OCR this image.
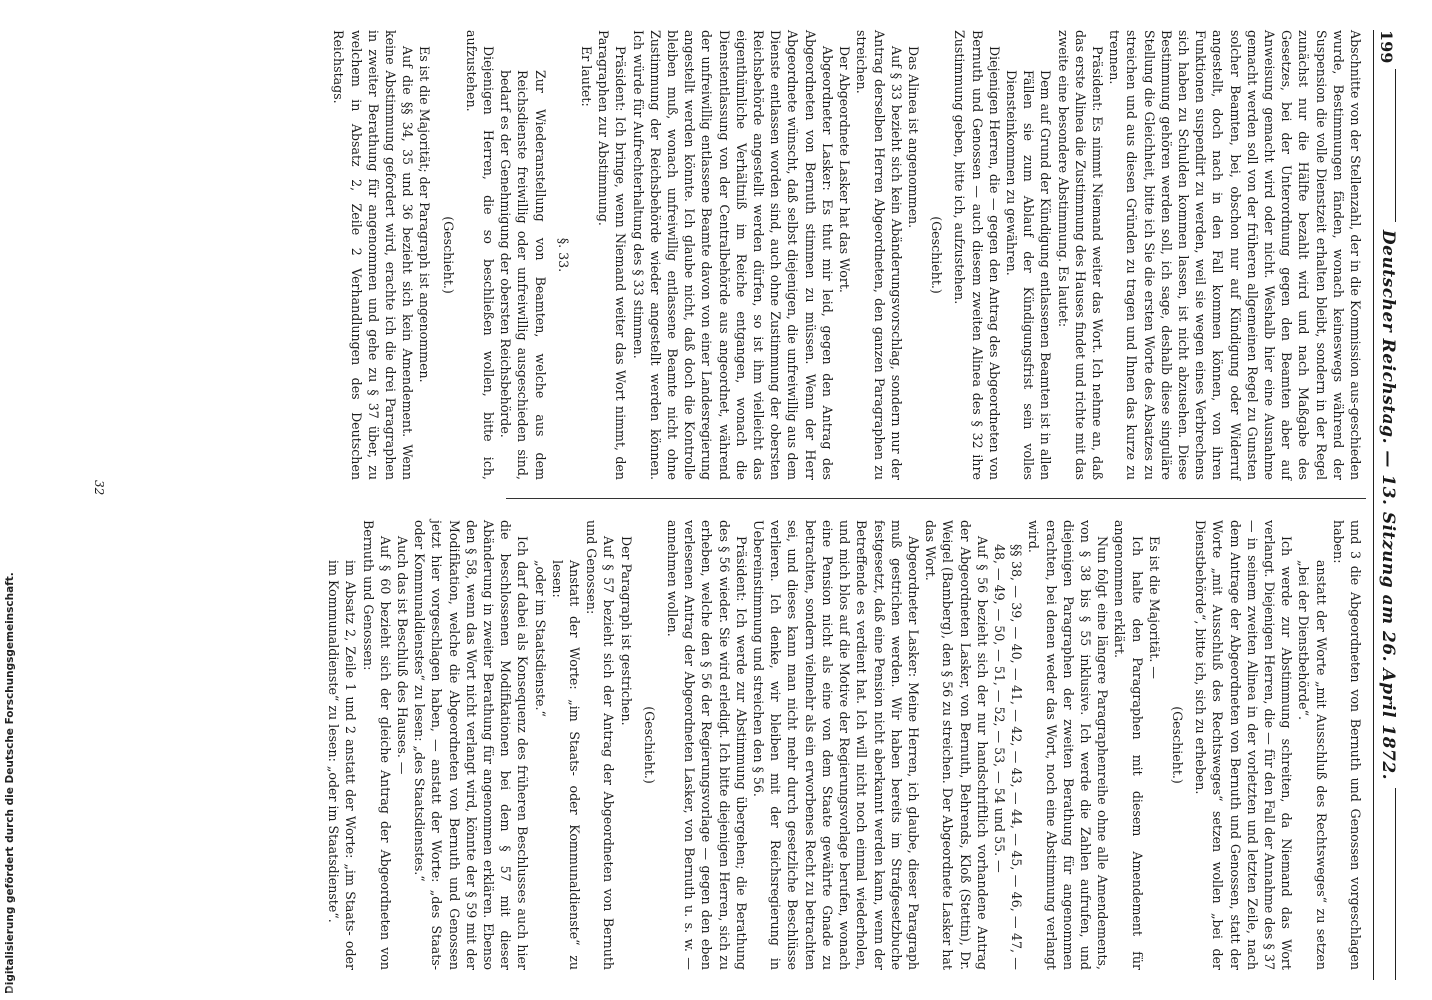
Deutscher Reichstag. — 13. Sitzung am 26. April 1872.
199

Abschnitte von der Stellenzahl, der in die Kommission aus-geschieden wurde, Bestimmungen fänden, wonach keineswegs während der Suspension die volle Dienstzeit erhalten bleibt, sondern in der Regel zunächst nur die Hälfte bezahlt wird und nach Maßgabe des Gesetzes, bei der Unterordnung gegen den Beamten aber auf Anweisung gemacht wird oder nicht. Weshalb hier eine Ausnahme gemacht werden soll von der früheren allgemeinen Regel zu Gunsten solcher Beamten, bei, obschon nur auf Kündigung oder Widerruf angestellt, doch nach in den Fall kommen können, von ihren Funktionen suspendirt zu werden, weil sie wegen eines Verbrechens sich haben zu Schulden kommen lassen, ist nicht abzusehen. Diese Bestimmung gehören werden soll, ich sage, deshalb diese singuläre Stellung die Gleichheit, bitte ich Sie die ersten Worte des Absatzes zu streichen und aus diesen Gründen zu tragen und Ihnen das kurze zu trennen.

Präsident: Es nimmt Niemand weiter das Wort. Ich nehme an, daß das erste Alinea die Zustimmung des Hauses findet und richte mit das zweite eine besondere Abstimmung. Es lautet:

Dem auf Grund der Kündigung entlassenen Beamten ist in allen Fällen sie zum Ablauf der Kündigungsfrist sein volles Diensteinkommen zu gewähren.

Diejenigen Herren, die — gegen den Antrag des Abgeordneten von Bernuth und Genossen — auch diesem zweiten Alinea des § 32 ihre Zustimmung geben, bitte ich, aufzustehen.

(Geschieht.)

Das Alinea ist angenommen.

Auf § 33 bezieht sich kein Abänderungsvorschlag, sondern nur der Antrag derselben Herren Abgeordneten, den ganzen Paragraphen zu streichen.

Der Abgeordnete Lasker hat das Wort.

Abgeordneter Lasker: Es thut mir leid, gegen den Antrag des Abgeordneten von Bernuth stimmen zu müssen. Wenn der Herr Abgeordnete wünscht, daß selbst diejenigen, die unfreiwillig aus dem Dienste entlassen worden sind, auch ohne Zustimmung der obersten Reichsbehörde angestellt werden dürfen, so ist ihm vielleicht das eigenthümliche Verhältniß im Reiche entgangen, wonach die Dienstentlassung von der Centralbehörde aus angeordnet, während der unfreiwillig entlassene Beamte davon von einer Landesregierung angestellt werden könnte. Ich glaube nicht, daß doch die Kontrolle bleiben muß, wonach unfreiwillig entlassene Beamte nicht ohne Zustimmung der Reichsbehörde wieder angestellt werden können. Ich würde für Aufrechterhaltung des § 33 stimmen.

Präsident: Ich bringe, wenn Niemand weiter das Wort nimmt, den Paragraphen zur Abstimmung.

Er lautet:

§. 33.

Zur Wiederanstellung von Beamten, welche aus dem Reichsdienste freiwillig oder unfreiwillig ausgeschieden sind, bedarf es der Genehmigung der obersten Reichsbehörde.

Diejenigen Herren, die so beschließen wollen, bitte ich, aufzustehen.

(Geschieht.)

Es ist die Majorität; der Paragraph ist angenommen.

Auf die §§ 34, 35 und 36 bezieht sich kein Amendement. Wenn keine Abstimmung gefordert wird, erachte ich die drei Paragraphen in zweiter Berathung für angenommen und gehe zu § 37 über, zu welchem in Absatz 2, Zeile 2 Verhandlungen des Deutschen Reichstags.

und 3 die Abgeordneten von Bernuth und Genossen vorgeschlagen haben:

anstatt der Worte „mit Ausschluß des Rechtsweges“ zu setzen „bei der Dienstbehörde“.

Ich werde zur Abstimmung schreiten, da Niemand das Wort verlangt. Diejenigen Herren, die — für den Fall der Annahme des § 37 — in seinem zweiten Alinea in der vorletzten und letzten Zeile, nach dem Antrage der Abgeordneten von Bernuth und Genossen, statt der Worte „mit Ausschluß des Rechtsweges“ setzen wollen „bei der Dienstbehörde“, bitte ich, sich zu erheben.

(Geschieht.)

Es ist die Majorität. —

Ich halte den Paragraphen mit diesem Amendement für angenommen erklärt.

Nun folgt eine längere Paragraphenreihe ohne alle Amendements, von § 38 bis § 55 inklusive. Ich werde die Zahlen aufrufen, und diejenigen Paragraphen der zweiten Berathung für angenommen erachten, bei denen weder das Wort, noch eine Abstimmung verlangt wird.

§§ 38, — 39, — 40, — 41, — 42, — 43, — 44, — 45, — 46, — 47, — 48, — 49, — 50, — 51, — 52, — 53, — 54 und 55. —

Auf § 56 bezieht sich der nur handschriftlich vorhandene Antrag der Abgeordneten Lasker, von Bernuth, Behrends, Kloß (Stettin), Dr. Weigel (Bamberg), den § 56 zu streichen. Der Abgeordnete Lasker hat das Wort.

Abgeordneter Lasker: Meine Herren, ich glaube, dieser Paragraph muß gestrichen werden. Wir haben bereits im Strafgesetzbuche festgesetzt, daß eine Pension nicht aberkannt werden kann, wenn der Betreffende es verdient hat. Ich will nicht noch einmal wiederholen, und mich blos auf die Motive der Regierungsvorlage berufen, wonach eine Pension nicht als eine von dem Staate gewährte Gnade zu betrachten, sondern vielmehr als ein erworbenes Recht zu betrachten sei, und dieses kann man nicht mehr durch gesetzliche Beschlüsse verlieren. Ich denke, wir bleiben mit der Reichsregierung in Uebereinstimmung und streichen den § 56.

Präsident: Ich werde zur Abstimmung übergehen; die Berathung des § 56 wieder. Sie wird erledigt. Ich bitte diejenigen Herren, sich zu erheben, welche den § 56 der Regierungsvorlage — gegen den eben verlesenen Antrag der Abgeordneten Lasker, von Bernuth u. s. w. — annehmen wollen.

(Geschieht.)

Der Paragraph ist gestrichen.

Auf § 57 bezieht sich der Antrag der Abgeordneten von Bernuth und Genossen:

Anstatt der Worte: „im Staats- oder Kommunaldienste“ zu lesen:

„oder im Staatsdienste.“

Ich darf dabei als Konsequenz des früheren Beschlusses auch hier die beschlossenen Modifikationen bei dem § 57 mit dieser Abänderung in zweiter Berathung für angenommen erklären. Ebenso den § 58, wenn das Wort nicht verlangt wird, könnte der § 59 mit der Modifikation, welche die Abgeordneten von Bernuth und Genossen jetzt hier vorgeschlagen haben, — anstatt der Worte: „des Staats- oder Kommunaldienstes“ zu lesen: „des Staatsdienstes.“

Auch das ist Beschluß des Hauses. —

Auf § 60 bezieht sich der gleiche Antrag der Abgeordneten von Bernuth und Genossen:

im Absatz 2, Zeile 1 und 2 anstatt der Worte: „im Staats- oder im Kommunaldienste“ zu lesen: „oder im Staatsdienste“.

32
Digitalisierung gefördert durch die Deutsche Forschungsgemeinschaft.
